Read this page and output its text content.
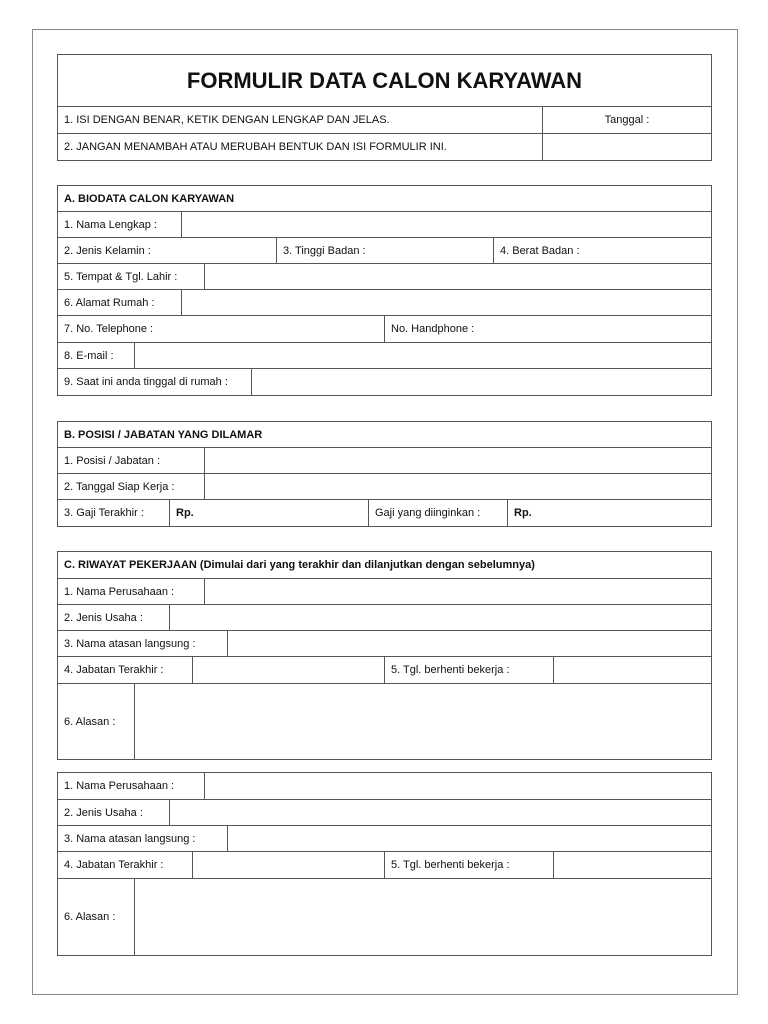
FORMULIR DATA CALON KARYAWAN
1. ISI DENGAN BENAR, KETIK DENGAN LENGKAP DAN JELAS.	Tanggal :
2. JANGAN MENAMBAH ATAU MERUBAH BENTUK DAN ISI FORMULIR INI.
A. BIODATA CALON KARYAWAN
1. Nama Lengkap :
2. Jenis Kelamin :	3. Tinggi Badan :	4. Berat Badan :
5. Tempat & Tgl. Lahir :
6. Alamat Rumah :
7. No. Telephone :	No. Handphone :
8. E-mail :
9. Saat ini anda tinggal di rumah :
B. POSISI / JABATAN YANG DILAMAR
1. Posisi / Jabatan :
2. Tanggal Siap Kerja :
3. Gaji Terakhir :	Rp.	Gaji yang diinginkan :	Rp.
C. RIWAYAT PEKERJAAN
(Dimulai dari yang terakhir dan dilanjutkan dengan sebelumnya)
1. Nama Perusahaan :
2. Jenis Usaha :
3. Nama atasan langsung :
4. Jabatan Terakhir :	5. Tgl. berhenti bekerja :
6. Alasan :
1. Nama Perusahaan :
2. Jenis Usaha :
3. Nama atasan langsung :
4. Jabatan Terakhir :	5. Tgl. berhenti bekerja :
6. Alasan :
